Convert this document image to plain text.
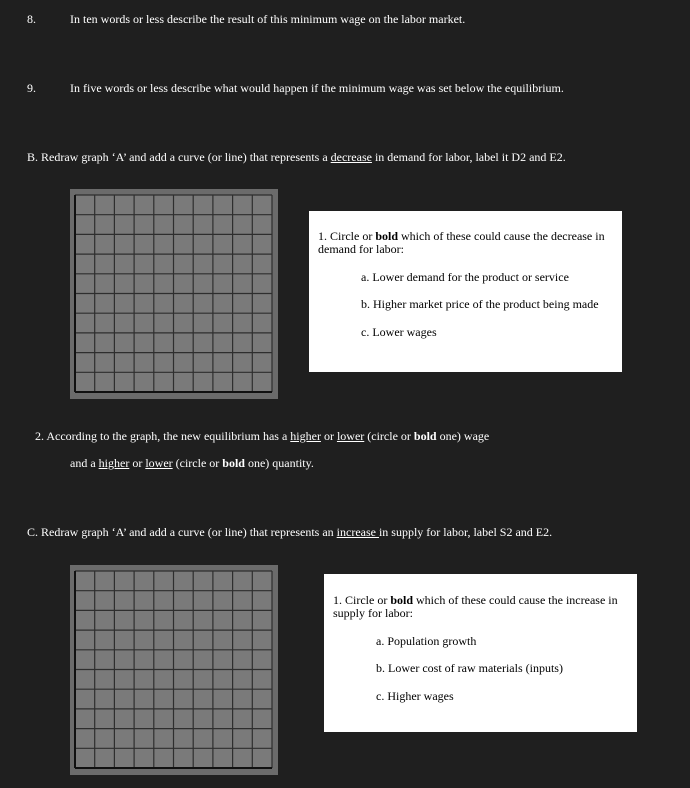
8.	In ten words or less describe the result of this minimum wage on the labor market.
9.	In five words or less describe what would happen if the minimum wage was set below the equilibrium.
B. Redraw graph ‘A’ and add a curve (or line) that represents a decrease in demand for labor, label it D2 and E2.
1. Circle or bold which of these could cause the decrease in demand for labor:
a. Lower demand for the product or service
b. Higher market price of the product being made
c. Lower wages
2. According to the graph, the new equilibrium has a higher or lower (circle or bold one) wage
and a higher or lower (circle or bold one) quantity.
C. Redraw graph ‘A’ and add a curve (or line) that represents an increase in supply for labor, label S2 and E2.
1. Circle or bold which of these could cause the increase in supply for labor:
a. Population growth
b. Lower cost of raw materials (inputs)
c. Higher wages
